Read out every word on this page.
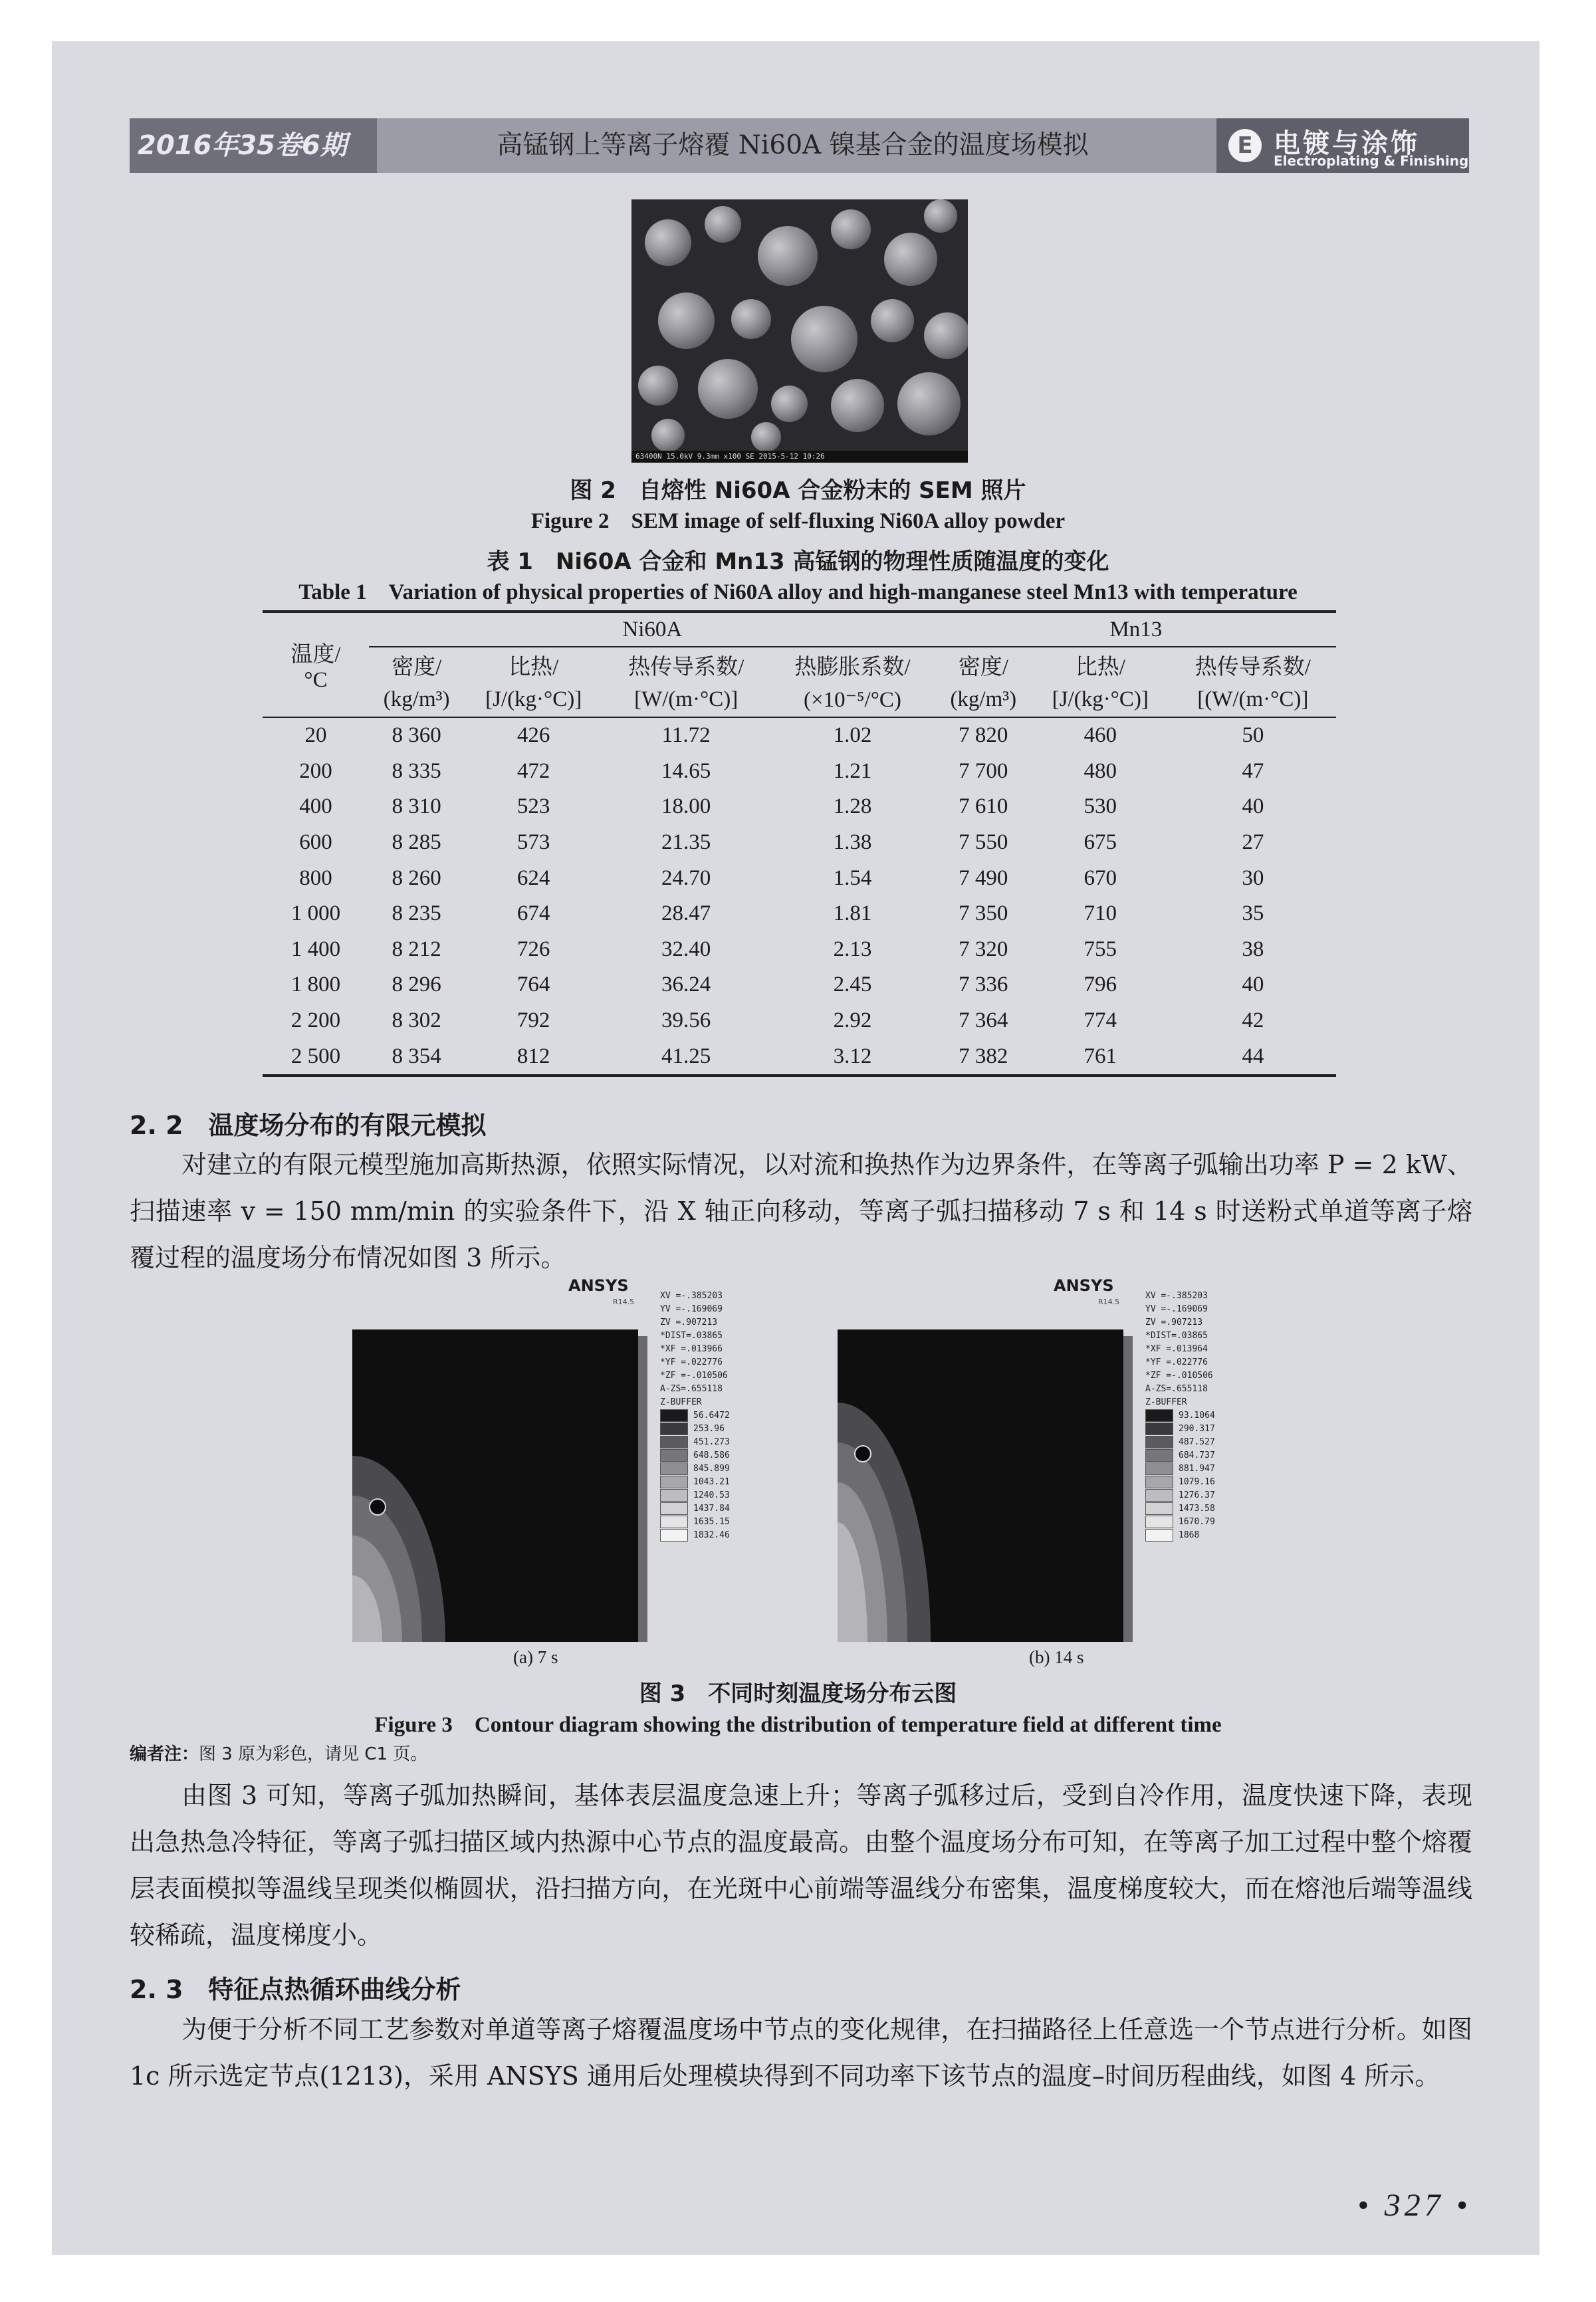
2016年35卷6期	高锰钢上等离子熔覆 Ni60A 镍基合金的温度场模拟	E 电镀与涂饰
Electroplating & Finishing
63400N 15.0kV 9.3mm x100 SE 2015-5-12 10:26
图 2　自熔性 Ni60A 合金粉末的 SEM 照片
Figure 2　SEM image of self-fluxing Ni60A alloy powder
表 1　Ni60A 合金和 Mn13 高锰钢的物理性质随温度的变化
Table 1　Variation of physical properties of Ni60A alloy and high-manganese steel Mn13 with temperature
温度/
°C	Ni60A				Mn13		
	密度/	比热/	热传导系数/	热膨胀系数/	密度/	比热/	热传导系数/
	(kg/m³)	[J/(kg·°C)]	[W/(m·°C)]	(×10⁻⁵/°C)	(kg/m³)	[J/(kg·°C)]	[(W/(m·°C)]
20	8 360	426	11.72	1.02	7 820	460	50
200	8 335	472	14.65	1.21	7 700	480	47
400	8 310	523	18.00	1.28	7 610	530	40
600	8 285	573	21.35	1.38	7 550	675	27
800	8 260	624	24.70	1.54	7 490	670	30
1 000	8 235	674	28.47	1.81	7 350	710	35
1 400	8 212	726	32.40	2.13	7 320	755	38
1 800	8 296	764	36.24	2.45	7 336	796	40
2 200	8 302	792	39.56	2.92	7 364	774	42
2 500	8 354	812	41.25	3.12	7 382	761	44
2. 2　温度场分布的有限元模拟
对建立的有限元模型施加高斯热源，依照实际情况，以对流和换热作为边界条件，在等离子弧输出功率 P = 2 kW、扫描速率 v = 150 mm/min 的实验条件下，沿 X 轴正向移动，等离子弧扫描移动 7 s 和 14 s 时送粉式单道等离子熔覆过程的温度场分布情况如图 3 所示。
ANSYS
R14.5
XV =-.385203
YV =-.169069
ZV =.907213
*DIST=.03865
*XF =.013966
*YF =.022776
*ZF =-.010506
A-ZS=.655118
Z-BUFFER
56.6472
253.96
451.273
648.586
845.899
1043.21
1240.53
1437.84
1635.15
1832.46
ANSYS
R14.5
XV =-.385203
YV =-.169069
ZV =.907213
*DIST=.03865
*XF =.013964
*YF =.022776
*ZF =-.010506
A-ZS=.655118
Z-BUFFER
93.1064
290.317
487.527
684.737
881.947
1079.16
1276.37
1473.58
1670.79
1868
(a) 7 s	(b) 14 s
图 3　不同时刻温度场分布云图
Figure 3　Contour diagram showing the distribution of temperature field at different time
编者注：图 3 原为彩色，请见 C1 页。
由图 3 可知，等离子弧加热瞬间，基体表层温度急速上升；等离子弧移过后，受到自冷作用，温度快速下降，表现出急热急冷特征，等离子弧扫描区域内热源中心节点的温度最高。由整个温度场分布可知，在等离子加工过程中整个熔覆层表面模拟等温线呈现类似椭圆状，沿扫描方向，在光斑中心前端等温线分布密集，温度梯度较大，而在熔池后端等温线较稀疏，温度梯度小。
2. 3　特征点热循环曲线分析
为便于分析不同工艺参数对单道等离子熔覆温度场中节点的变化规律，在扫描路径上任意选一个节点进行分析。如图 1c 所示选定节点(1213)，采用 ANSYS 通用后处理模块得到不同功率下该节点的温度–时间历程曲线，如图 4 所示。
• 327 •
